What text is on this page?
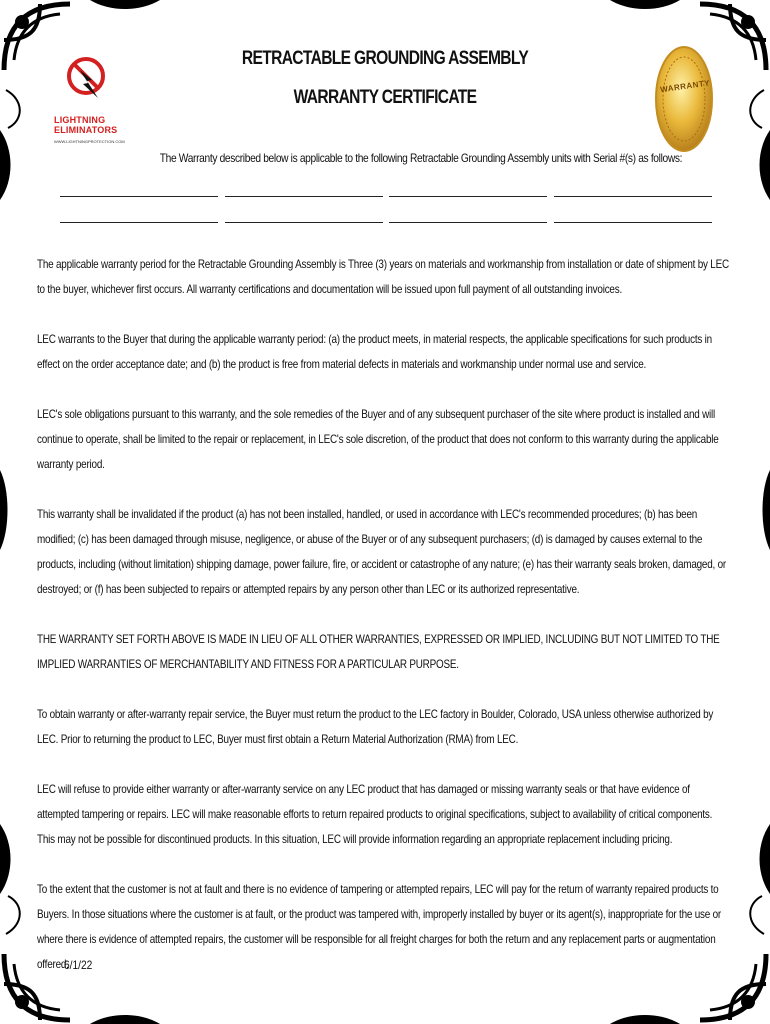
LIGHTNING ELIMINATORS
WWW.LIGHTNINGPROTECTION.COM
WARRANTY
RETRACTABLE GROUNDING ASSEMBLY
WARRANTY CERTIFICATE
The Warranty described below is applicable to the following Retractable Grounding Assembly units with Serial #(s) as follows:

The applicable warranty period for the Retractable Grounding Assembly is Three (3) years on materials and workmanship from installation or date of shipment by LEC to the buyer, whichever first occurs. All warranty certifications and documentation will be issued upon full payment of all outstanding invoices.

LEC warrants to the Buyer that during the applicable warranty period: (a) the product meets, in material respects, the applicable specifications for such products in effect on the order acceptance date; and (b) the product is free from material defects in materials and workmanship under normal use and service.

LEC's sole obligations pursuant to this warranty, and the sole remedies of the Buyer and of any subsequent purchaser of the site where product is installed and will continue to operate, shall be limited to the repair or replacement, in LEC's sole discretion, of the product that does not conform to this warranty during the applicable warranty period.

This warranty shall be invalidated if the product (a) has not been installed, handled, or used in accordance with LEC's recommended procedures; (b) has been modified; (c) has been damaged through misuse, negligence, or abuse of the Buyer or of any subsequent purchasers; (d) is damaged by causes external to the products, including (without limitation) shipping damage, power failure, fire, or accident or catastrophe of any nature; (e) has their warranty seals broken, damaged, or destroyed; or (f) has been subjected to repairs or attempted repairs by any person other than LEC or its authorized representative.

THE WARRANTY SET FORTH ABOVE IS MADE IN LIEU OF ALL OTHER WARRANTIES, EXPRESSED OR IMPLIED, INCLUDING BUT NOT LIMITED TO THE IMPLIED WARRANTIES OF MERCHANTABILITY AND FITNESS FOR A PARTICULAR PURPOSE.

To obtain warranty or after-warranty repair service, the Buyer must return the product to the LEC factory in Boulder, Colorado, USA unless otherwise authorized by LEC. Prior to returning the product to LEC, Buyer must first obtain a Return Material Authorization (RMA) from LEC.

LEC will refuse to provide either warranty or after-warranty service on any LEC product that has damaged or missing warranty seals or that have evidence of attempted tampering or repairs. LEC will make reasonable efforts to return repaired products to original specifications, subject to availability of critical components. This may not be possible for discontinued products. In this situation, LEC will provide information regarding an appropriate replacement including pricing.

To the extent that the customer is not at fault and there is no evidence of tampering or attempted repairs, LEC will pay for the return of warranty repaired products to Buyers. In those situations where the customer is at fault, or the product was tampered with, improperly installed by buyer or its agent(s), inappropriate for the use or where there is evidence of attempted repairs, the customer will be responsible for all freight charges for both the return and any replacement parts or augmentation offered.

6/1/22
